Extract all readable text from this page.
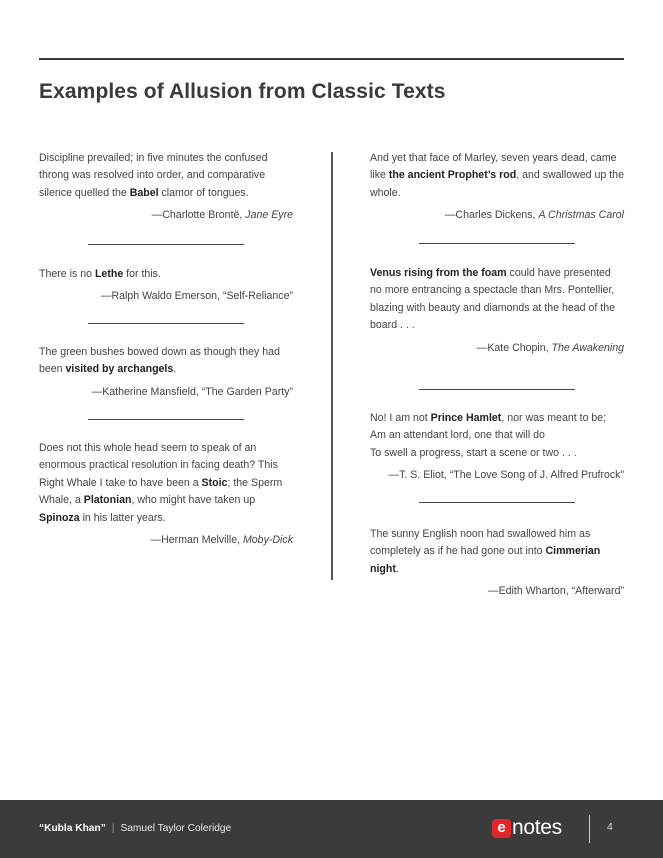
Examples of Allusion from Classic Texts
Discipline prevailed; in five minutes the confused throng was resolved into order, and comparative silence quelled the Babel clamor of tongues.
—Charlotte Brontë, Jane Eyre
There is no Lethe for this.
—Ralph Waldo Emerson, “Self-Reliance”
The green bushes bowed down as though they had been visited by archangels.
—Katherine Mansfield, “The Garden Party”
Does not this whole head seem to speak of an enormous practical resolution in facing death? This Right Whale I take to have been a Stoic; the Sperm Whale, a Platonian, who might have taken up Spinoza in his latter years.
—Herman Melville, Moby-Dick
And yet that face of Marley, seven years dead, came like the ancient Prophet’s rod, and swallowed up the whole.
—Charles Dickens, A Christmas Carol
Venus rising from the foam could have presented no more entrancing a spectacle than Mrs. Pontellier, blazing with beauty and diamonds at the head of the board . . .
—Kate Chopin, The Awakening
No! I am not Prince Hamlet, nor was meant to be;
Am an attendant lord, one that will do
To swell a progress, start a scene or two . . .
—T. S. Eliot, “The Love Song of J. Alfred Prufrock”
The sunny English noon had swallowed him as completely as if he had gone out into Cimmerian night.
—Edith Wharton, “Afterward”
“Kubla Khan” | Samuel Taylor Coleridge	e notes	4
